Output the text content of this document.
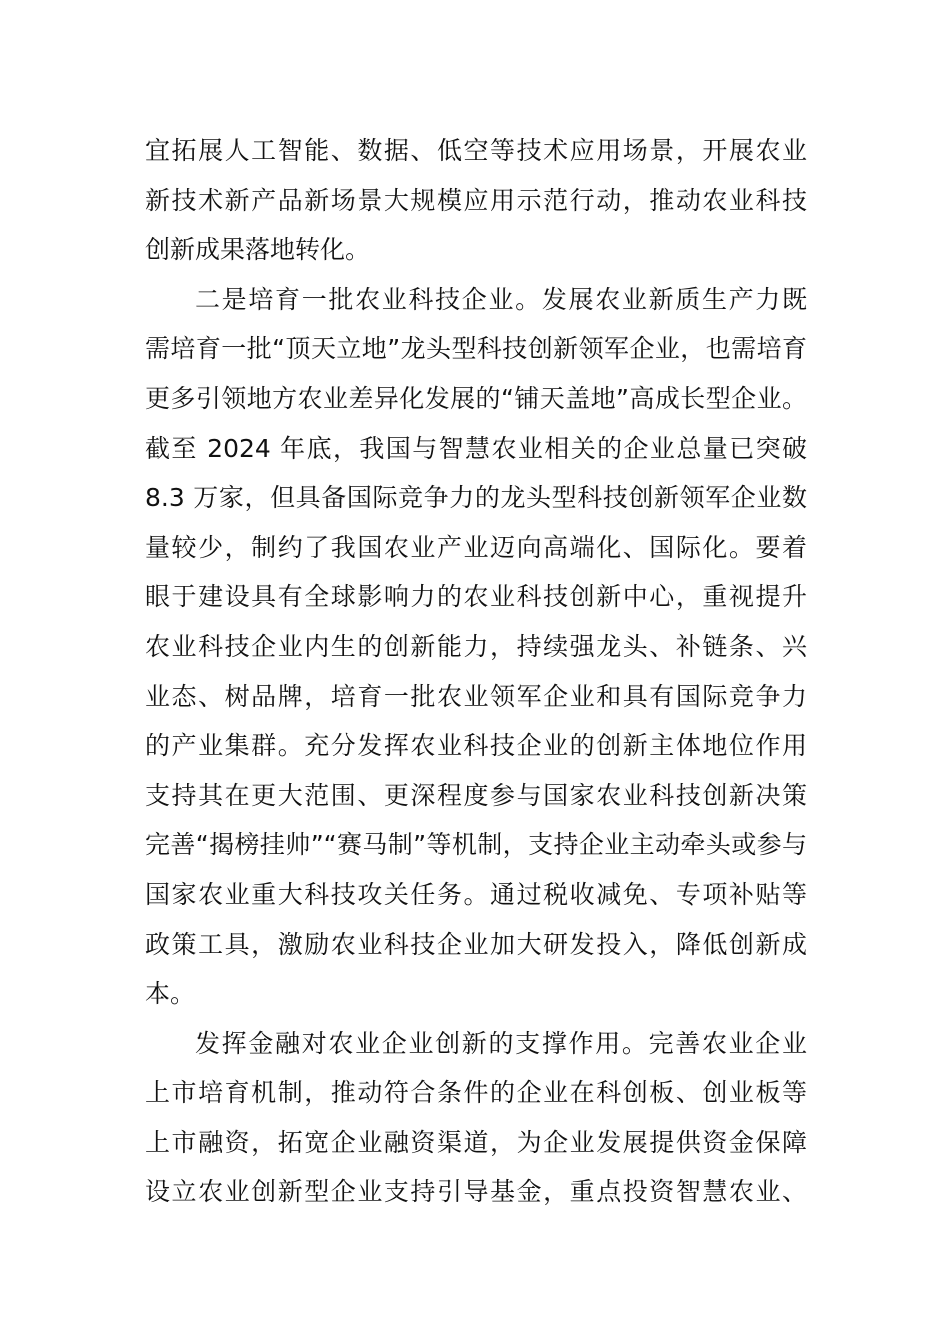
宜拓展人工智能、数据、低空等技术应用场景，开展农业
新技术新产品新场景大规模应用示范行动，推动农业科技
创新成果落地转化。
二是培育一批农业科技企业。发展农业新质生产力既
需培育一批“顶天立地”龙头型科技创新领军企业，也需培育
更多引领地方农业差异化发展的“铺天盖地”高成长型企业。
截至 2024 年底，我国与智慧农业相关的企业总量已突破
8.3 万家，但具备国际竞争力的龙头型科技创新领军企业数
量较少，制约了我国农业产业迈向高端化、国际化。要着
眼于建设具有全球影响力的农业科技创新中心，重视提升
农业科技企业内生的创新能力，持续强龙头、补链条、兴
业态、树品牌，培育一批农业领军企业和具有国际竞争力
的产业集群。充分发挥农业科技企业的创新主体地位作用
支持其在更大范围、更深程度参与国家农业科技创新决策
完善“揭榜挂帅”“赛马制”等机制，支持企业主动牵头或参与
国家农业重大科技攻关任务。通过税收减免、专项补贴等
政策工具，激励农业科技企业加大研发投入，降低创新成
本。
发挥金融对农业企业创新的支撑作用。完善农业企业
上市培育机制，推动符合条件的企业在科创板、创业板等
上市融资，拓宽企业融资渠道，为企业发展提供资金保障
设立农业创新型企业支持引导基金，重点投资智慧农业、
